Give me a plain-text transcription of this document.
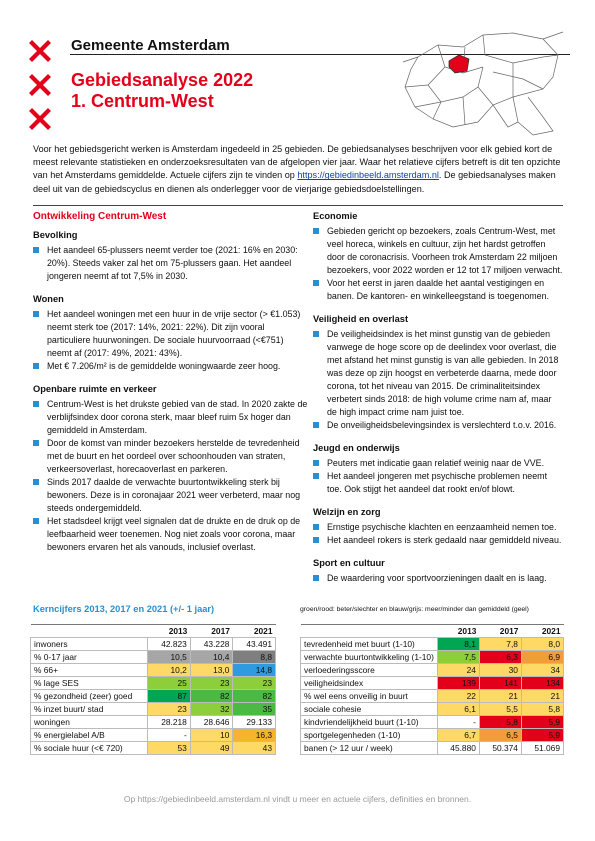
Gemeente Amsterdam
Gebiedsanalyse 2022
1. Centrum-West
Voor het gebiedsgericht werken is Amsterdam ingedeeld in 25 gebieden. De gebiedsanalyses beschrijven voor elk gebied kort de meest relevante statistieken en onderzoeksresultaten van de afgelopen vier jaar. Waar het relatieve cijfers betreft is dit ten opzichte van het Amsterdams gemiddelde. Actuele cijfers zijn te vinden op https://gebiedinbeeld.amsterdam.nl. De gebiedsanalyses maken deel uit van de gebiedscyclus en dienen als onderlegger voor de vierjarige gebiedsdoelstellingen.
Ontwikkeling Centrum-West
Bevolking
Het aandeel 65-plussers neemt verder toe (2021: 16% en 2030: 20%). Steeds vaker zal het om 75-plussers gaan. Het aandeel jongeren neemt af tot 7,5% in 2030.
Wonen
Het aandeel woningen met een huur in de vrije sector (> €1.053) neemt sterk toe (2017: 14%, 2021: 22%). Dit zijn vooral particuliere huurwoningen. De sociale huurvoorraad (<€751) neemt af (2017: 49%, 2021: 43%).
Met € 7.206/m² is de gemiddelde woningwaarde zeer hoog.
Openbare ruimte en verkeer
Centrum-West is het drukste gebied van de stad. In 2020 zakte de verblijfsindex door corona sterk, maar bleef ruim 5x hoger dan gemiddeld in Amsterdam.
Door de komst van minder bezoekers herstelde de tevredenheid met de buurt en het oordeel over schoonhouden van straten, verkeersoverlast, horecaoverlast en parkeren.
Sinds 2017 daalde de verwachte buurtontwikkeling sterk bij bewoners. Deze is in coronajaar 2021 weer verbeterd, maar nog steeds ondergemiddeld.
Het stadsdeel krijgt veel signalen dat de drukte en de druk op de leefbaarheid weer toenemen. Nog niet zoals voor corona, maar bewoners ervaren het als vanouds, inclusief overlast.
Economie
Gebieden gericht op bezoekers, zoals Centrum-West, met veel horeca, winkels en cultuur, zijn het hardst getroffen door de coronacrisis. Voorheen trok Amsterdam 22 miljoen bezoekers, voor 2022 worden er 12 tot 17 miljoen verwacht.
Voor het eerst in jaren daalde het aantal vestigingen en banen. De kantoren- en winkelleegstand is toegenomen.
Veiligheid en overlast
De veiligheidsindex is het minst gunstig van de gebieden vanwege de hoge score op de deelindex voor overlast, die met afstand het minst gunstig is van alle gebieden. In 2018 was deze op zijn hoogst en verbeterde daarna, mede door corona, tot het niveau van 2015. De criminaliteitsindex verbetert sinds 2018: de high volume crime nam af, maar de high impact crime nam juist toe.
De onveiligheidsbelevingsindex is verslechterd t.o.v. 2016.
Jeugd en onderwijs
Peuters met indicatie gaan relatief weinig naar de VVE.
Het aandeel jongeren met psychische problemen neemt toe. Ook stijgt het aandeel dat rookt en/of blowt.
Welzijn en zorg
Ernstige psychische klachten en eenzaamheid nemen toe.
Het aandeel rokers is sterk gedaald naar gemiddeld niveau.
Sport en cultuur
De waardering voor sportvoorzieningen daalt en is laag.
Kerncijfers 2013, 2017 en 2021 (+/- 1 jaar)	groen/rood: beter/slechter en blauw/grijs: meer/minder dan gemiddeld (geel)
	2013	2017	2021
inwoners	42.823	43.228	43.491
% 0-17 jaar	10,5	10,4	8,8
% 66+	10,2	13,0	14,8
% lage SES	25	23	23
% gezondheid (zeer) goed	87	82	82
% inzet buurt/ stad	23	32	35
woningen	28.218	28.646	29.133
% energielabel A/B	-	10	16,3
% sociale huur (<€ 720)	53	49	43
	2013	2017	2021
tevredenheid met buurt (1-10)	8,1	7,8	8,0
verwachte buurtontwikkeling (1-10)	7,5	6,3	6,9
verloederingsscore	24	30	34
veiligheidsindex	139	141	134
% wel eens onveilig in buurt	22	21	21
sociale cohesie	6,1	5,5	5,8
kindvriendelijkheid buurt (1-10)	-	5,8	5,9
sportgelegenheden (1-10)	6,7	6,5	5,9
banen (> 12 uur / week)	45.880	50.374	51.069
Op https://gebiedinbeeld.amsterdam.nl vindt u meer en actuele cijfers, definities en bronnen.
